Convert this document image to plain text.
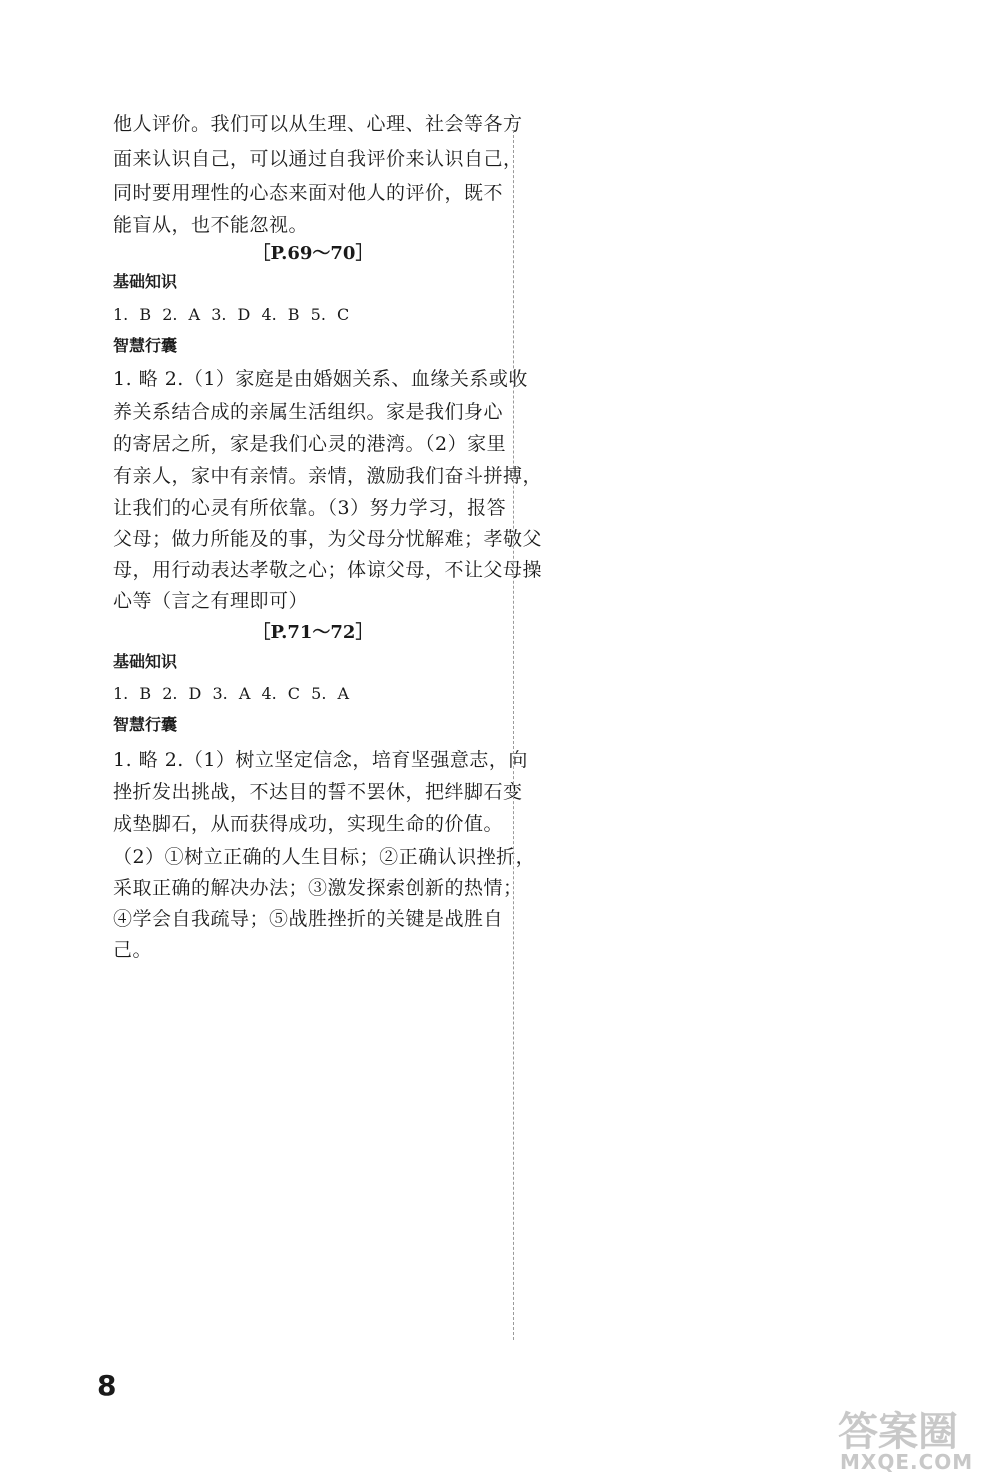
他人评价。我们可以从生理、心理、社会等各方
面来认识自己，可以通过自我评价来认识自己，
同时要用理性的心态来面对他人的评价，既不
能盲从，也不能忽视。
［P.69～70］
基础知识
1. B 2. A 3. D 4. B 5. C
智慧行囊
1. 略 2.（1）家庭是由婚姻关系、血缘关系或收
养关系结合成的亲属生活组织。家是我们身心
的寄居之所，家是我们心灵的港湾。（2）家里
有亲人，家中有亲情。亲情，激励我们奋斗拼搏，
让我们的心灵有所依靠。（3）努力学习，报答
父母；做力所能及的事，为父母分忧解难；孝敬父
母，用行动表达孝敬之心；体谅父母，不让父母操
心等（言之有理即可）
［P.71～72］
基础知识
1. B 2. D 3. A 4. C 5. A
智慧行囊
1. 略 2.（1）树立坚定信念，培育坚强意志，向
挫折发出挑战，不达目的誓不罢休，把绊脚石变
成垫脚石，从而获得成功，实现生命的价值。
（2）①树立正确的人生目标；②正确认识挫折，
采取正确的解决办法；③激发探索创新的热情；
④学会自我疏导；⑤战胜挫折的关键是战胜自
己。
8
答案圈
MXQE.COM
